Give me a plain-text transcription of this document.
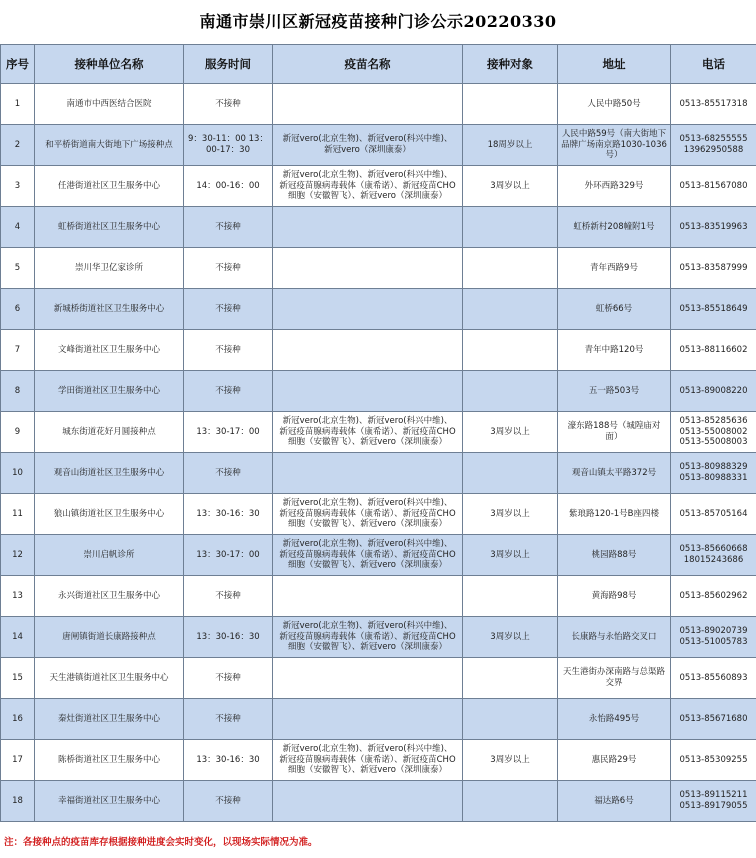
南通市崇川区新冠疫苗接种门诊公示20220330
序号	接种单位名称	服务时间	疫苗名称	接种对象	地址	电话
1	南通市中西医结合医院	不接种			人民中路50号	0513-85517318
2	和平桥街道南大街地下广场接种点	9：30-11：00 13：00-17：30	新冠vero(北京生物)、新冠vero(科兴中维)、
新冠vero（深圳康泰）	18周岁以上	人民中路59号（南大街地下
品牌广场南京路1030-1036
号）	0513-68255555
13962950588
3	任港街道社区卫生服务中心	14：00-16：00	新冠vero(北京生物)、新冠vero(科兴中维)、
新冠疫苗腺病毒载体（康希诺）、新冠疫苗CHO
细胞（安徽智飞）、新冠vero（深圳康泰）	3周岁以上	外环西路329号	0513-81567080
4	虹桥街道社区卫生服务中心	不接种			虹桥新村208幢附1号	0513-83519963
5	崇川华卫亿家诊所	不接种			青年西路9号	0513-83587999
6	新城桥街道社区卫生服务中心	不接种			虹桥66号	0513-85518649
7	文峰街道社区卫生服务中心	不接种			青年中路120号	0513-88116602
8	学田街道社区卫生服务中心	不接种			五一路503号	0513-89008220
9	城东街道花好月圆接种点	13：30-17：00	新冠vero(北京生物)、新冠vero(科兴中维)、
新冠疫苗腺病毒载体（康希诺）、新冠疫苗CHO
细胞（安徽智飞）、新冠vero（深圳康泰）	3周岁以上	濠东路188号（城隍庙对
面）	0513-85285636
0513-55008002
0513-55008003
10	观音山街道社区卫生服务中心	不接种			观音山镇太平路372号	0513-80988329
0513-80988331
11	狼山镇街道社区卫生服务中心	13：30-16：30	新冠vero(北京生物)、新冠vero(科兴中维)、
新冠疫苗腺病毒载体（康希诺）、新冠疫苗CHO
细胞（安徽智飞）、新冠vero（深圳康泰）	3周岁以上	紫琅路120-1号B座四楼	0513-85705164
12	崇川启帆诊所	13：30-17：00	新冠vero(北京生物)、新冠vero(科兴中维)、
新冠疫苗腺病毒载体（康希诺）、新冠疫苗CHO
细胞（安徽智飞）、新冠vero（深圳康泰）	3周岁以上	桃园路88号	0513-85660668
18015243686
13	永兴街道社区卫生服务中心	不接种			黄海路98号	0513-85602962
14	唐闸镇街道长康路接种点	13：30-16：30	新冠vero(北京生物)、新冠vero(科兴中维)、
新冠疫苗腺病毒载体（康希诺）、新冠疫苗CHO
细胞（安徽智飞）、新冠vero（深圳康泰）	3周岁以上	长康路与永怡路交叉口	0513-89020739
0513-51005783
15	天生港镇街道社区卫生服务中心	不接种			天生港街办深南路与总渠路
交界	0513-85560893
16	秦灶街道社区卫生服务中心	不接种			永怡路495号	0513-85671680
17	陈桥街道社区卫生服务中心	13：30-16：30	新冠vero(北京生物)、新冠vero(科兴中维)、
新冠疫苗腺病毒载体（康希诺）、新冠疫苗CHO
细胞（安徽智飞）、新冠vero（深圳康泰）	3周岁以上	惠民路29号	0513-85309255
18	幸福街道社区卫生服务中心	不接种			福达路6号	0513-89115211
0513-89179055
注：各接种点的疫苗库存根据接种进度会实时变化，以现场实际情况为准。
